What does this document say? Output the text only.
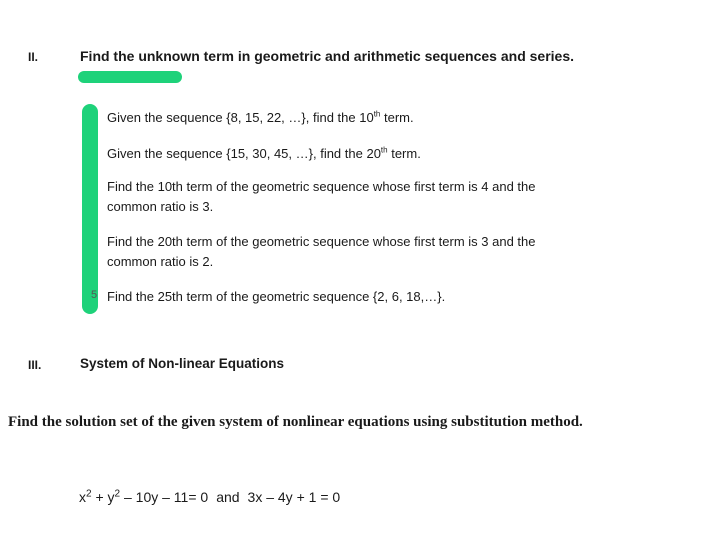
II.	Find the unknown term in geometric and arithmetic sequences and series.
Given the sequence {8, 15, 22, …}, find the 10th term.
Given the sequence {15, 30, 45, …}, find the 20th term.
Find the 10th term of the geometric sequence whose first term is 4 and the
common ratio is 3.
Find the 20th term of the geometric sequence whose first term is 3 and the
common ratio is 2.
5 Find the 25th term of the geometric sequence {2, 6, 18,…}.
III.	System of Non-linear Equations
Find the solution set of the given system of nonlinear equations using substitution method.
$x^2 + y^2 - 10y - 11= 0$ and 3x – 4y + 1 = 0
